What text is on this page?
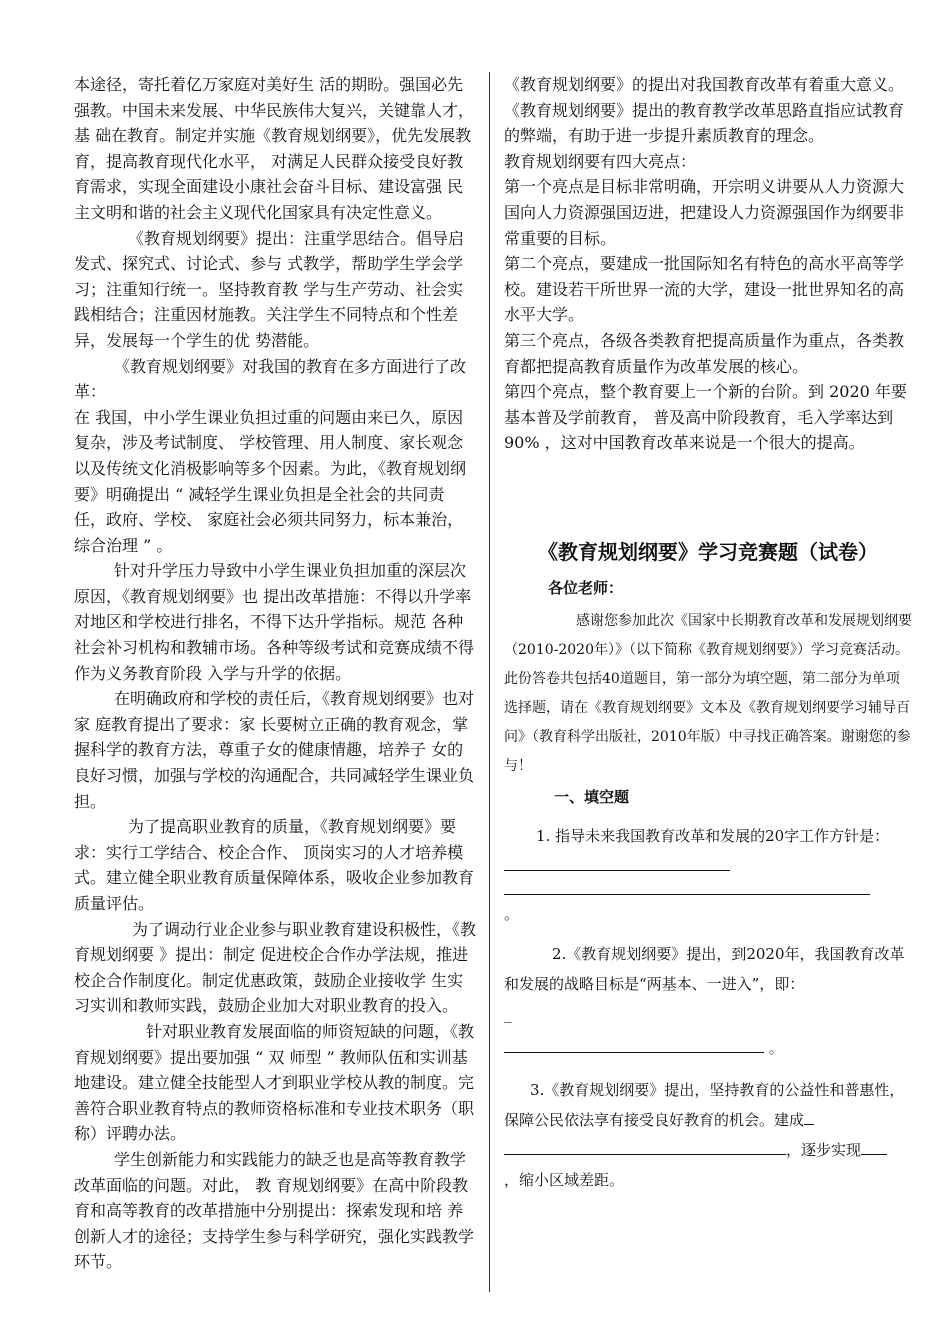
本途径，寄托着亿万家庭对美好生 活的期盼。强国必先强教。中国未来发展、中华民族伟大复兴，关键靠人才，基 础在教育。制定并实施《教育规划纲要》，优先发展教育，提高教育现代化水平， 对满足人民群众接受良好教育需求，实现全面建设小康社会奋斗目标、建设富强 民主文明和谐的社会主义现代化国家具有决定性意义。

《教育规划纲要》提出：注重学思结合。倡导启发式、探究式、讨论式、参与 式教学，帮助学生学会学习；注重知行统一。坚持教育教 学与生产劳动、社会实 践相结合；注重因材施教。关注学生不同特点和个性差异，发展每一个学生的优 势潜能。

《教育规划纲要》对我国的教育在多方面进行了改革：

在 我国，中小学生课业负担过重的问题由来已久，原因复杂，涉及考试制度、 学校管理、用人制度、家长观念以及传统文化消极影响等多个因素。为此，《教育规划纲要》明确提出 “ 减轻学生课业负担是全社会的共同责任，政府、学校、 家庭社会必须共同努力，标本兼治，综合治理 ” 。

针对升学压力导致中小学生课业负担加重的深层次原因，《教育规划纲要》也 提出改革措施：不得以升学率对地区和学校进行排名，不得下达升学指标。规范 各种社会补习机构和教辅市场。各种等级考试和竞赛成绩不得作为义务教育阶段 入学与升学的依据。

在明确政府和学校的责任后，《教育规划纲要》也对家 庭教育提出了要求：家 长要树立正确的教育观念，掌握科学的教育方法，尊重子女的健康情趣，培养子 女的良好习惯，加强与学校的沟通配合，共同减轻学生课业负担。

为了提高职业教育的质量，《教育规划纲要》要求：实行工学结合、校企合作、 顶岗实习的人才培养模式。建立健全职业教育质量保障体系，吸收企业参加教育 质量评估。

为了调动行业企业参与职业教育建设积极性，《教育规划纲要 》提出：制定 促进校企合作办学法规，推进校企合作制度化。制定优惠政策，鼓励企业接收学 生实习实训和教师实践，鼓励企业加大对职业教育的投入。

针对职业教育发展面临的师资短缺的问题，《教育规划纲要》提出要加强 “ 双 师型 ” 教师队伍和实训基地建设。建立健全技能型人才到职业学校从教的制度。完善符合职业教育特点的教师资格标准和专业技术职务（职称）评聘办法。

学生创新能力和实践能力的缺乏也是高等教育教学改革面临的问题。对此， 教 育规划纲要》在高中阶段教育和高等教育的改革措施中分别提出：探索发现和培 养创新人才的途径；支持学生参与科学研究，强化实践教学环节。

《教育规划纲要》的提出对我国教育改革有着重大意义。

《教育规划纲要》提出的教育教学改革思路直指应试教育的弊端，有助于进一步提升素质教育的理念。

教育规划纲要有四大亮点：

第一个亮点是目标非常明确，开宗明义讲要从人力资源大国向人力资源强国迈进，把建设人力资源强国作为纲要非常重要的目标。

第二个亮点，要建成一批国际知名有特色的高水平高等学校。建设若干所世界一流的大学，建设一批世界知名的高水平大学。

第三个亮点，各级各类教育把提高质量作为重点，各类教育都把提高教育质量作为改革发展的核心。

第四个亮点，整个教育要上一个新的台阶。到 2020 年要基本普及学前教育， 普及高中阶段教育，毛入学率达到 90% ，这对中国教育改革来说是一个很大的提高。

《教育规划纲要》学习竞赛题（试卷）

各位老师：

感谢您参加此次《国家中长期教育改革和发展规划纲要（2010-2020年）》（以下简称《教育规划纲要》）学习竞赛活动。此份答卷共包括40道题目，第一部分为填空题，第二部分为单项选择题，请在《教育规划纲要》文本及《教育规划纲要学习辅导百问》（教育科学出版社，2010年版）中寻找正确答案。谢谢您的参与！

一、填空题

1. 指导未来我国教育改革和发展的20字工作方针是：
。
2.《教育规划纲要》提出，到2020年，我国教育改革和发展的战略目标是“两基本、一进入”，即：
_
。
3.《教育规划纲要》提出，坚持教育的公益性和普惠性，保障公民依法享有接受良好教育的机会。建成
，逐步实现
，缩小区域差距。
